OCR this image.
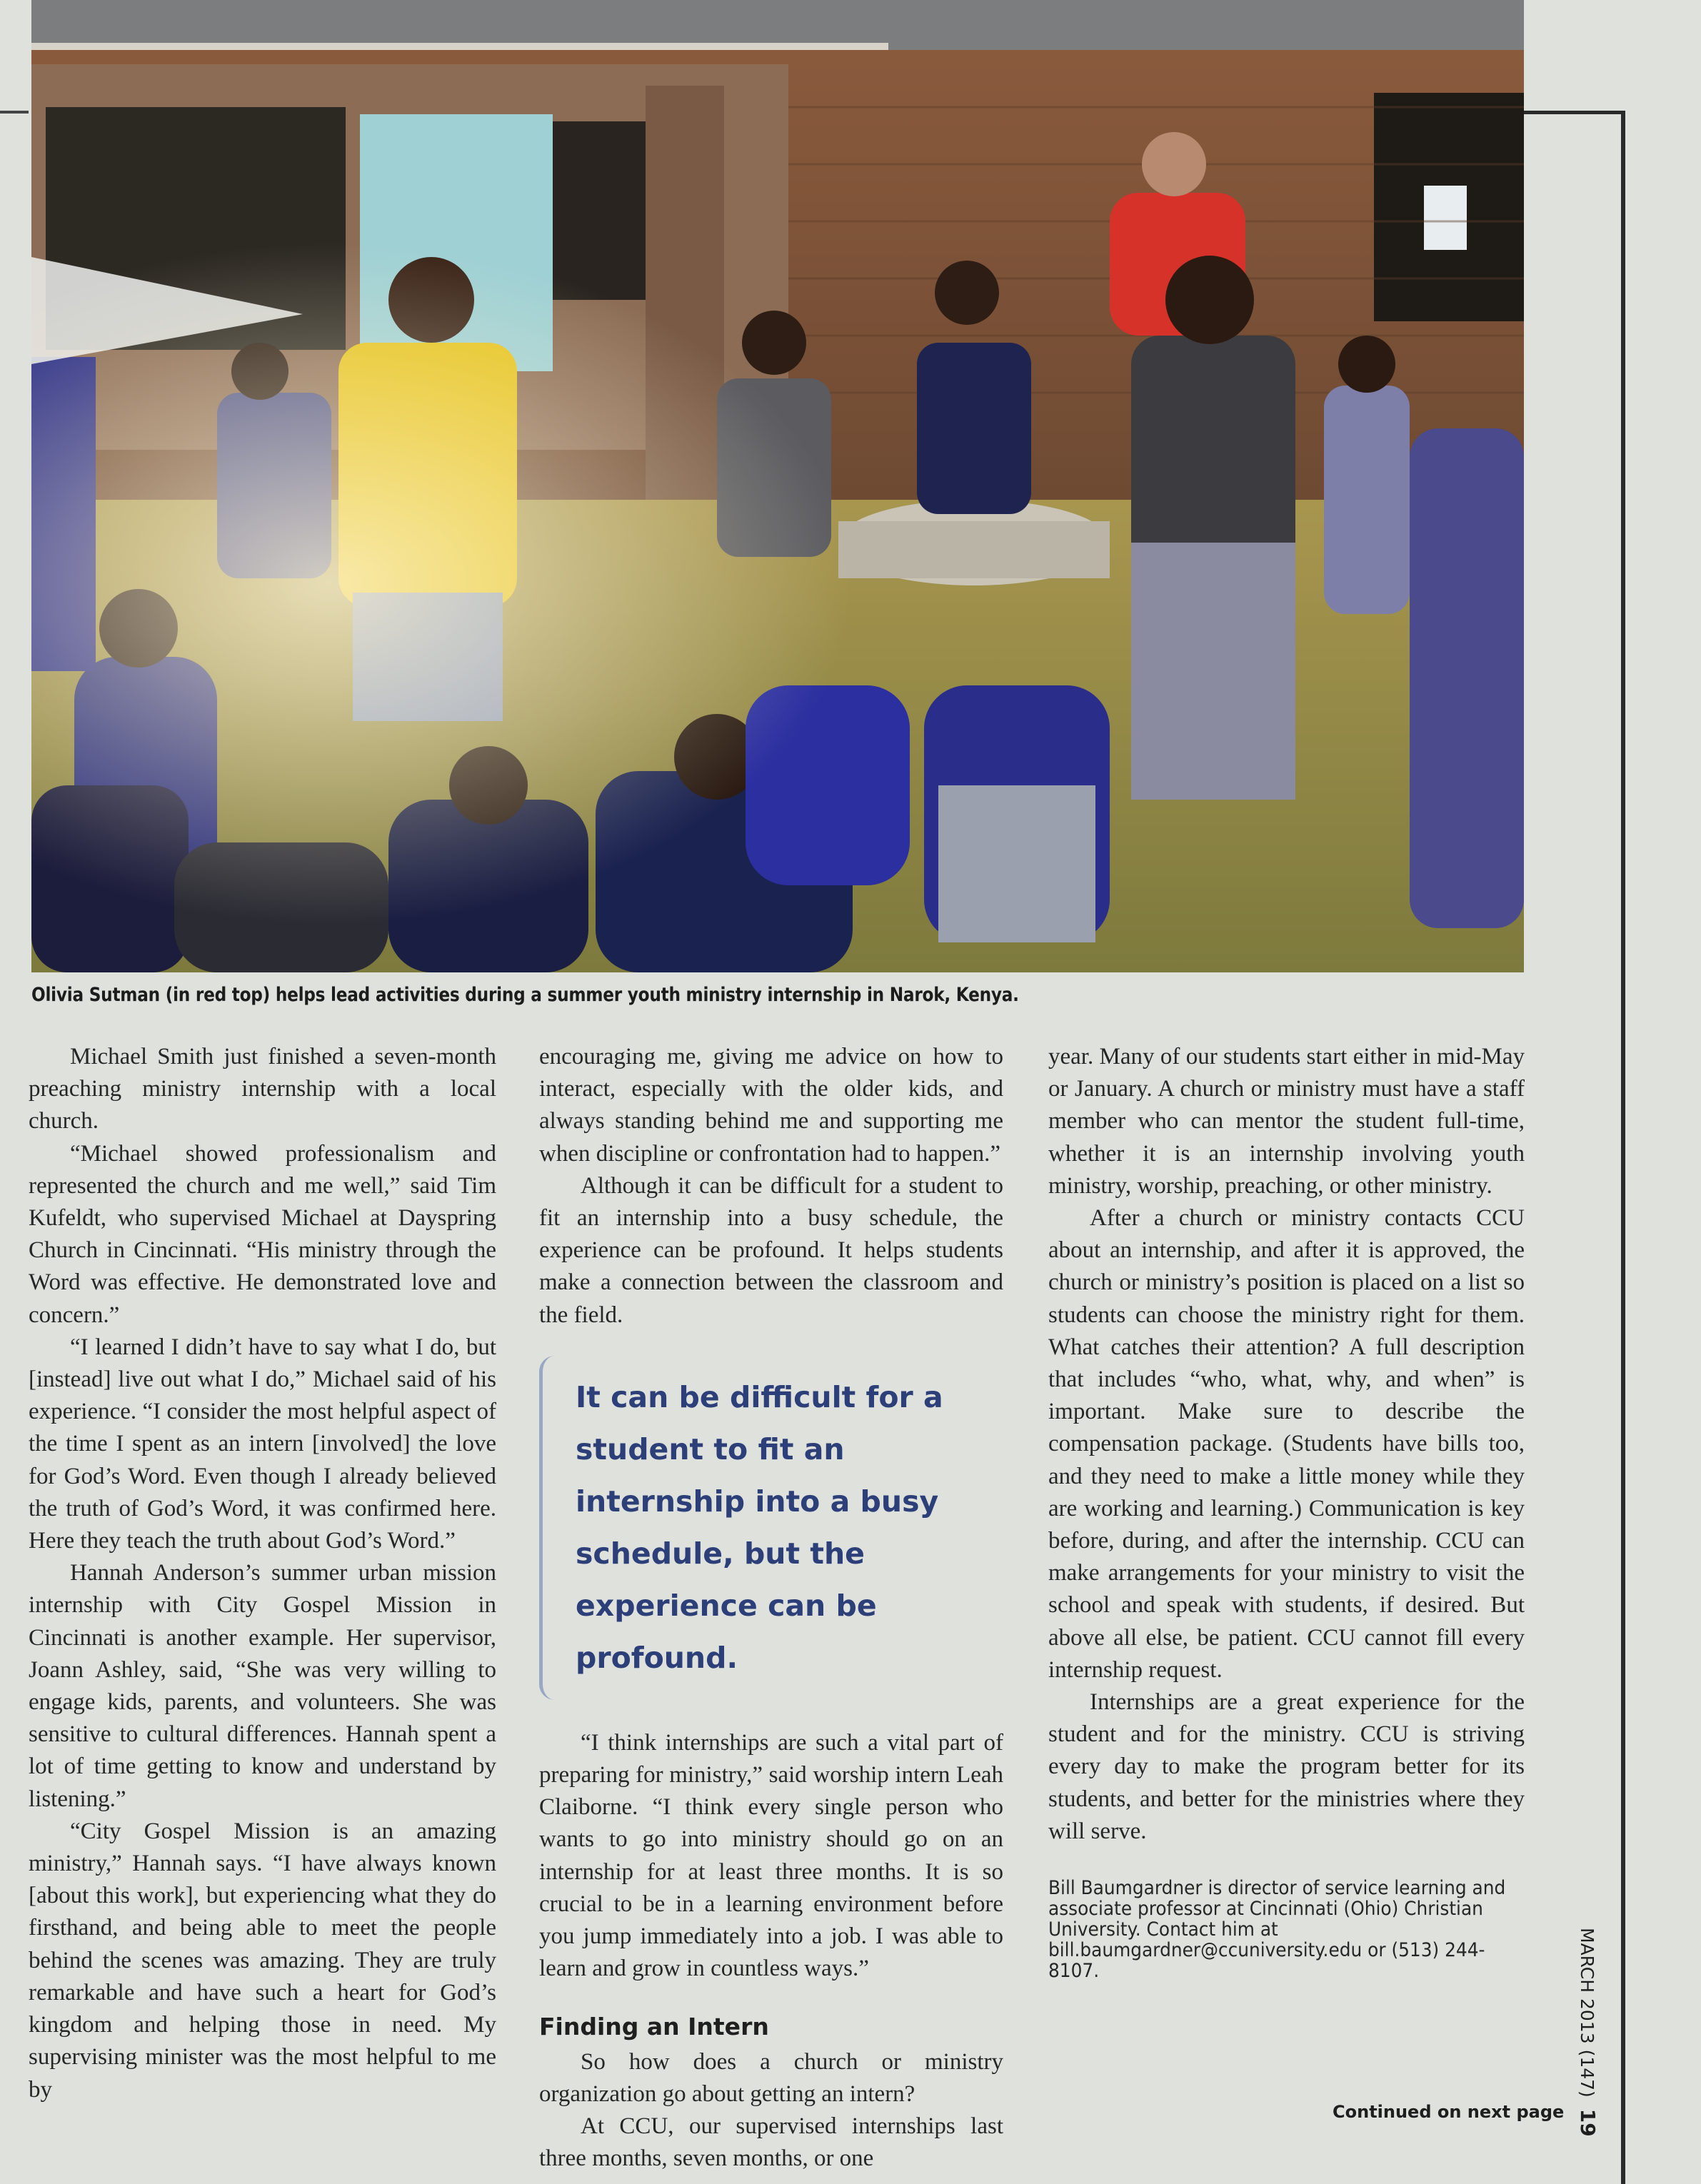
Olivia Sutman (in red top) helps lead activities during a summer youth ministry internship in Narok, Kenya.

Michael Smith just finished a seven-month preaching ministry internship with a local church.

“Michael showed professionalism and represented the church and me well,” said Tim Kufeldt, who supervised Michael at Dayspring Church in Cincinnati. “His ministry through the Word was effective. He demonstrated love and concern.”

“I learned I didn’t have to say what I do, but [instead] live out what I do,” Michael said of his experience. “I consider the most helpful aspect of the time I spent as an intern [involved] the love for God’s Word. Even though I already believed the truth of God’s Word, it was confirmed here. Here they teach the truth about God’s Word.”

Hannah Anderson’s summer urban mission internship with City Gospel Mission in Cincinnati is another example. Her supervisor, Joann Ashley, said, “She was very willing to engage kids, parents, and volunteers. She was sensitive to cultural differences. Hannah spent a lot of time getting to know and understand by listening.”

“City Gospel Mission is an amazing ministry,” Hannah says. “I have always known [about this work], but experiencing what they do firsthand, and being able to meet the people behind the scenes was amazing. They are truly remarkable and have such a heart for God’s kingdom and helping those in need. My supervising minister was the most helpful to me by

encouraging me, giving me advice on how to interact, especially with the older kids, and always standing behind me and supporting me when discipline or confrontation had to happen.”

Although it can be difficult for a student to fit an internship into a busy schedule, the experience can be profound. It helps students make a connection between the classroom and the field.

It can be difficult for a student to fit an internship into a busy schedule, but the experience can be profound.

“I think internships are such a vital part of preparing for ministry,” said worship intern Leah Claiborne. “I think every single person who wants to go into ministry should go on an internship for at least three months. It is so crucial to be in a learning environment before you jump immediately into a job. I was able to learn and grow in countless ways.”

Finding an Intern

So how does a church or ministry organization go about getting an intern?

At CCU, our supervised internships last three months, seven months, or one

year. Many of our students start either in mid-May or January. A church or ministry must have a staff member who can mentor the student full-time, whether it is an internship involving youth ministry, worship, preaching, or other ministry.

After a church or ministry contacts CCU about an internship, and after it is approved, the church or ministry’s position is placed on a list so students can choose the ministry right for them. What catches their attention? A full description that includes “who, what, why, and when” is important. Make sure to describe the compensation package. (Students have bills too, and they need to make a little money while they are working and learning.) Communication is key before, during, and after the internship. CCU can make arrangements for your ministry to visit the school and speak with students, if desired. But above all else, be patient. CCU cannot fill every internship request.

Internships are a great experience for the student and for the ministry. CCU is striving every day to make the program better for its students, and better for the ministries where they will serve.

Bill Baumgardner is director of service learning and associate professor at Cincinnati (Ohio) Christian University. Contact him at bill.baumgardner@ccuniversity.edu or (513) 244-8107.
Continued on next page
MARCH 2013 (147)19
